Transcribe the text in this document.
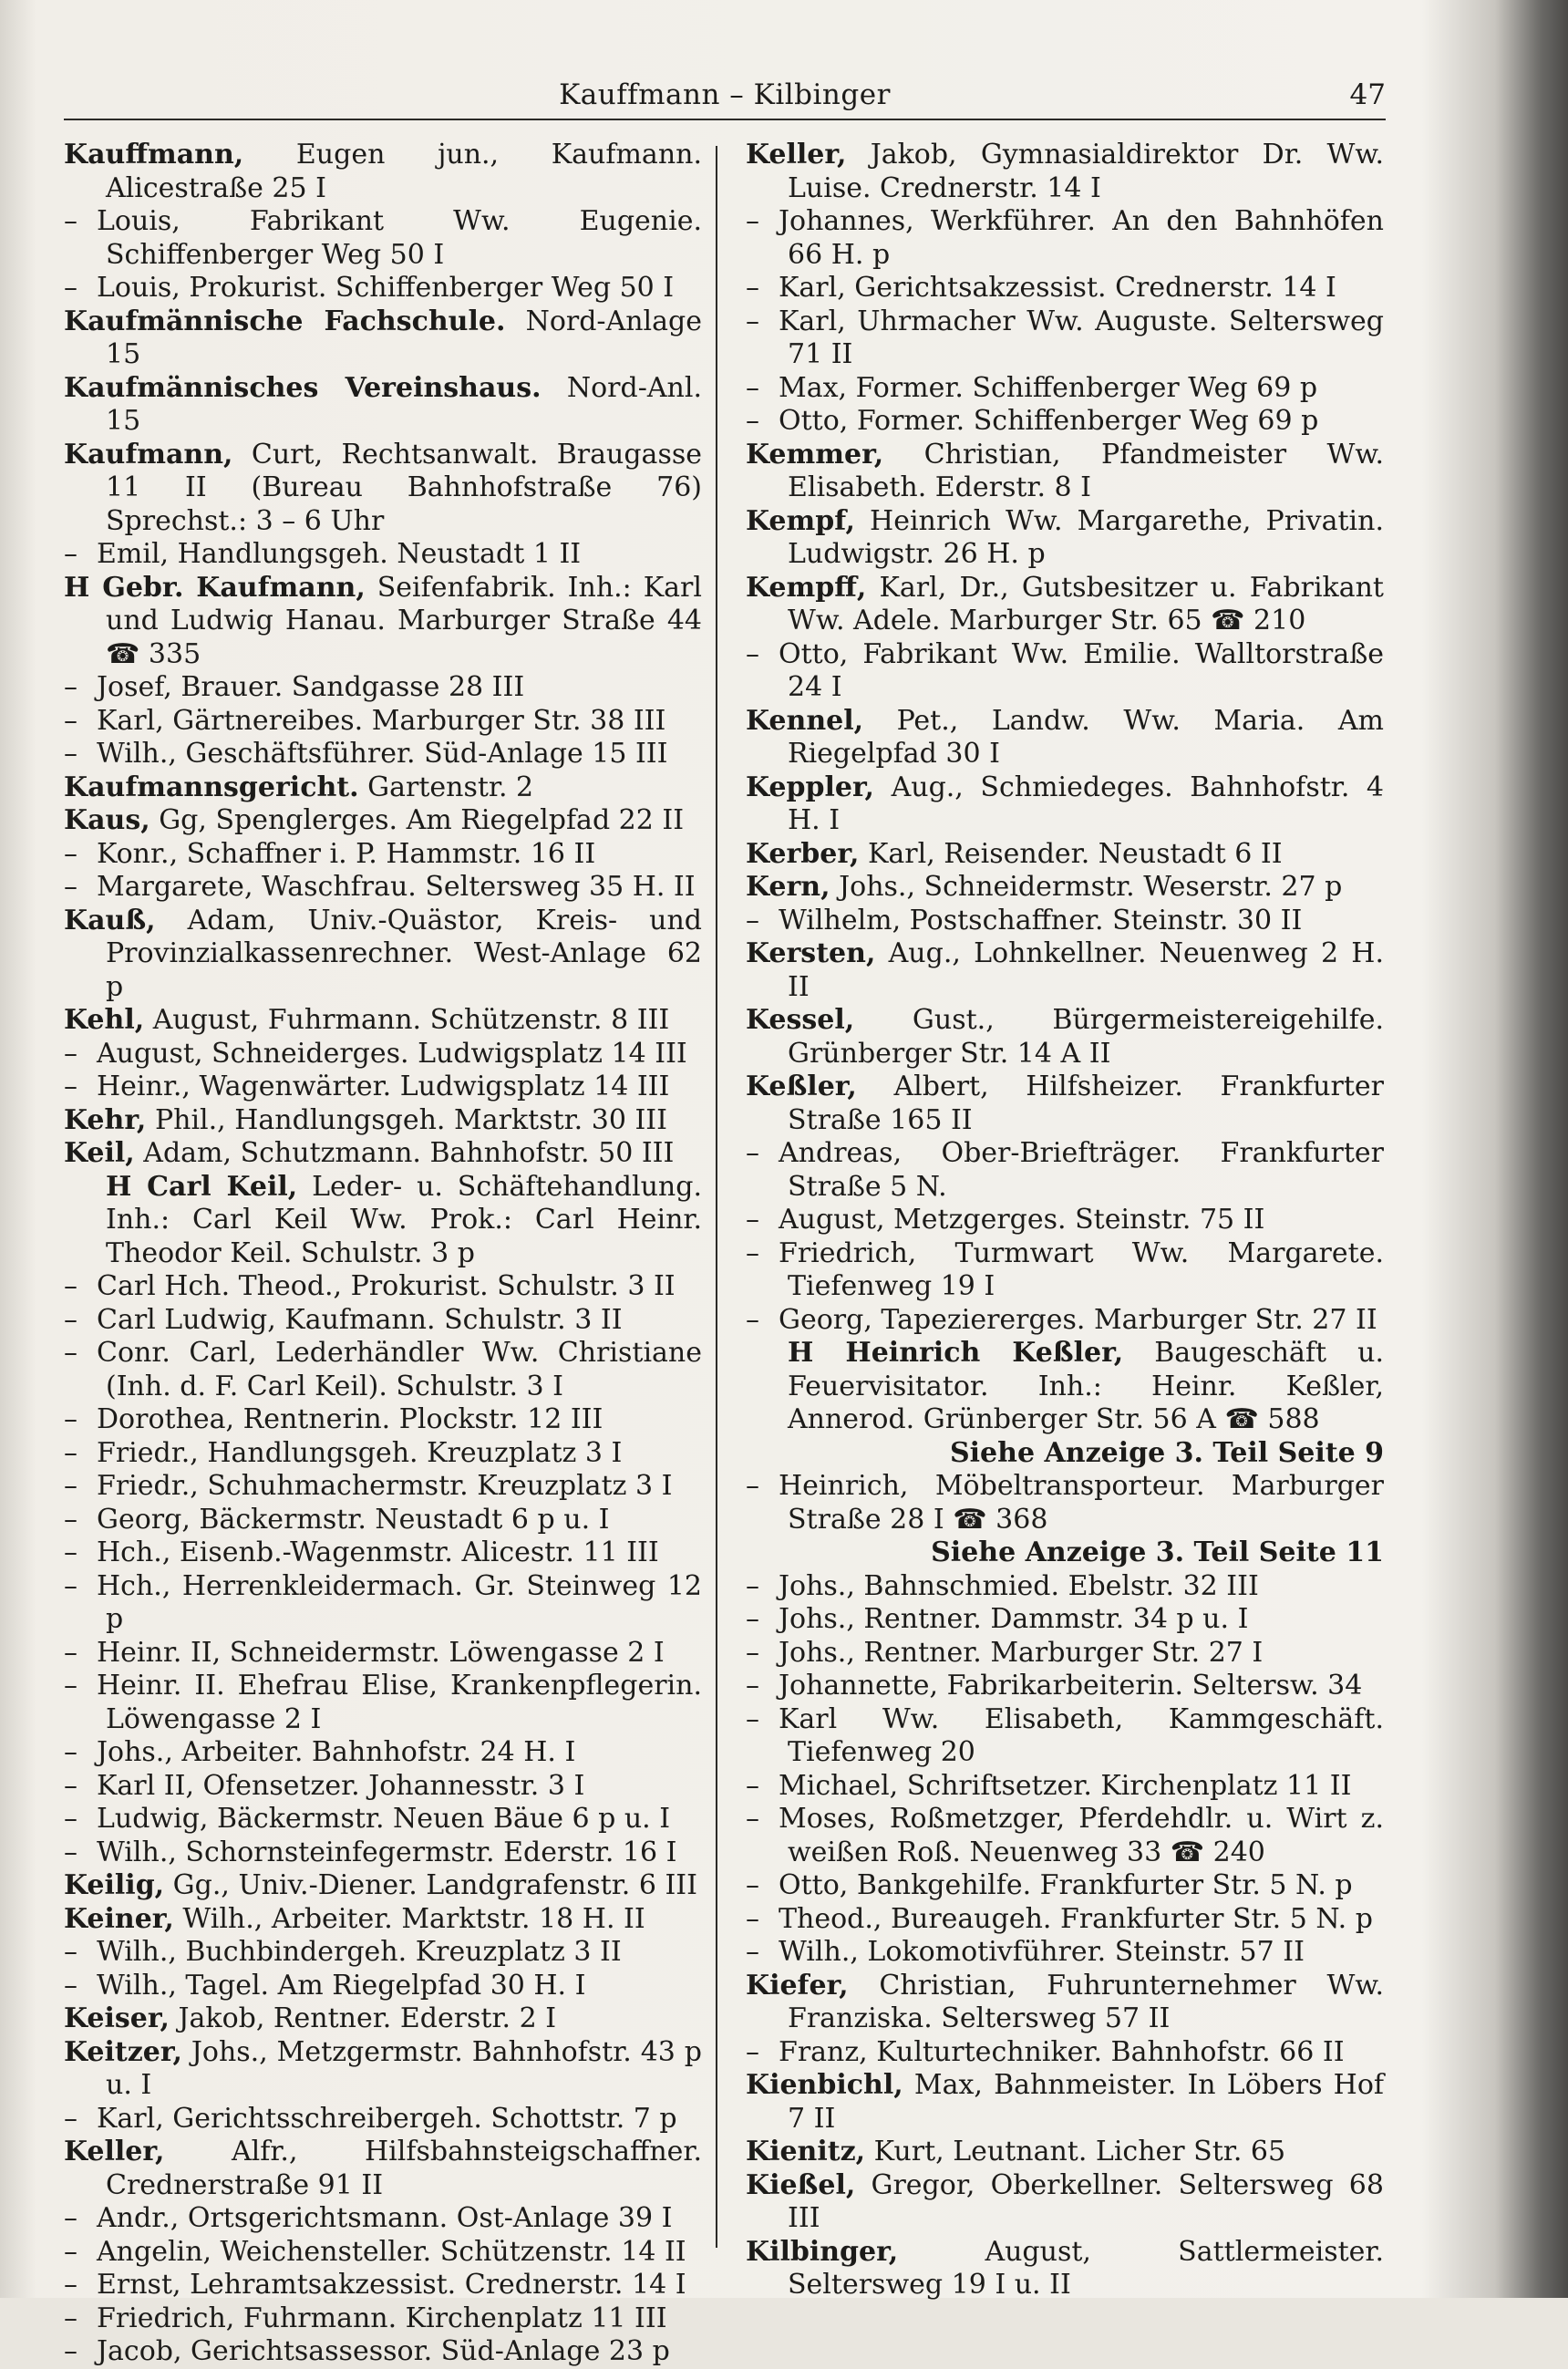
Kauffmann – Kilbinger	47

Kauffmann, Eugen jun., Kaufmann. Alicestraße 25 I

– Louis, Fabrikant Ww. Eugenie. Schiffenberger Weg 50 I

– Louis, Prokurist. Schiffenberger Weg 50 I

Kaufmännische Fachschule. Nord-Anlage 15

Kaufmännisches Vereinshaus. Nord-Anl. 15

Kaufmann, Curt, Rechtsanwalt. Braugasse 11 II (Bureau Bahnhofstraße 76) Sprechst.: 3 – 6 Uhr

– Emil, Handlungsgeh. Neustadt 1 II

H Gebr. Kaufmann, Seifenfabrik. Inh.: Karl und Ludwig Hanau. Marburger Straße 44 ☎ 335

– Josef, Brauer. Sandgasse 28 III

– Karl, Gärtnereibes. Marburger Str. 38 III

– Wilh., Geschäftsführer. Süd-Anlage 15 III

Kaufmannsgericht. Gartenstr. 2

Kaus, Gg, Spenglerges. Am Riegelpfad 22 II

– Konr., Schaffner i. P. Hammstr. 16 II

– Margarete, Waschfrau. Seltersweg 35 H. II

Kauß, Adam, Univ.-Quästor, Kreis- und Provinzialkassenrechner. West-Anlage 62 p

Kehl, August, Fuhrmann. Schützenstr. 8 III

– August, Schneiderges. Ludwigsplatz 14 III

– Heinr., Wagenwärter. Ludwigsplatz 14 III

Kehr, Phil., Handlungsgeh. Marktstr. 30 III

Keil, Adam, Schutzmann. Bahnhofstr. 50 III

H Carl Keil, Leder- u. Schäftehandlung. Inh.: Carl Keil Ww. Prok.: Carl Heinr. Theodor Keil. Schulstr. 3 p

– Carl Hch. Theod., Prokurist. Schulstr. 3 II

– Carl Ludwig, Kaufmann. Schulstr. 3 II

– Conr. Carl, Lederhändler Ww. Christiane (Inh. d. F. Carl Keil). Schulstr. 3 I

– Dorothea, Rentnerin. Plockstr. 12 III

– Friedr., Handlungsgeh. Kreuzplatz 3 I

– Friedr., Schuhmachermstr. Kreuzplatz 3 I

– Georg, Bäckermstr. Neustadt 6 p u. I

– Hch., Eisenb.-Wagenmstr. Alicestr. 11 III

– Hch., Herrenkleidermach. Gr. Steinweg 12 p

– Heinr. II, Schneidermstr. Löwengasse 2 I

– Heinr. II. Ehefrau Elise, Krankenpflegerin. Löwengasse 2 I

– Johs., Arbeiter. Bahnhofstr. 24 H. I

– Karl II, Ofensetzer. Johannesstr. 3 I

– Ludwig, Bäckermstr. Neuen Bäue 6 p u. I

– Wilh., Schornsteinfegermstr. Ederstr. 16 I

Keilig, Gg., Univ.-Diener. Landgrafenstr. 6 III

Keiner, Wilh., Arbeiter. Marktstr. 18 H. II

– Wilh., Buchbindergeh. Kreuzplatz 3 II

– Wilh., Tagel. Am Riegelpfad 30 H. I

Keiser, Jakob, Rentner. Ederstr. 2 I

Keitzer, Johs., Metzgermstr. Bahnhofstr. 43 p u. I

– Karl, Gerichtsschreibergeh. Schottstr. 7 p

Keller, Alfr., Hilfsbahnsteigschaffner. Crednerstraße 91 II

– Andr., Ortsgerichtsmann. Ost-Anlage 39 I

– Angelin, Weichensteller. Schützenstr. 14 II

– Ernst, Lehramtsakzessist. Crednerstr. 14 I

– Friedrich, Fuhrmann. Kirchenplatz 11 III

– Jacob, Gerichtsassessor. Süd-Anlage 23 p

Keller, Jakob, Gymnasialdirektor Dr. Ww. Luise. Crednerstr. 14 I

– Johannes, Werkführer. An den Bahnhöfen 66 H. p

– Karl, Gerichtsakzessist. Crednerstr. 14 I

– Karl, Uhrmacher Ww. Auguste. Seltersweg 71 II

– Max, Former. Schiffenberger Weg 69 p

– Otto, Former. Schiffenberger Weg 69 p

Kemmer, Christian, Pfandmeister Ww. Elisabeth. Ederstr. 8 I

Kempf, Heinrich Ww. Margarethe, Privatin. Ludwigstr. 26 H. p

Kempff, Karl, Dr., Gutsbesitzer u. Fabrikant Ww. Adele. Marburger Str. 65 ☎ 210

– Otto, Fabrikant Ww. Emilie. Walltorstraße 24 I

Kennel, Pet., Landw. Ww. Maria. Am Riegelpfad 30 I

Keppler, Aug., Schmiedeges. Bahnhofstr. 4 H. I

Kerber, Karl, Reisender. Neustadt 6 II

Kern, Johs., Schneidermstr. Weserstr. 27 p

– Wilhelm, Postschaffner. Steinstr. 30 II

Kersten, Aug., Lohnkellner. Neuenweg 2 H. II

Kessel, Gust., Bürgermeistereigehilfe. Grünberger Str. 14 A II

Keßler, Albert, Hilfsheizer. Frankfurter Straße 165 II

– Andreas, Ober-Briefträger. Frankfurter Straße 5 N.

– August, Metzgerges. Steinstr. 75 II

– Friedrich, Turmwart Ww. Margarete. Tiefenweg 19 I

– Georg, Tapeziererges. Marburger Str. 27 II

H Heinrich Keßler, Baugeschäft u. Feuervisitator. Inh.: Heinr. Keßler, Annerod. Grünberger Str. 56 A ☎ 588

Siehe Anzeige 3. Teil Seite 9

– Heinrich, Möbeltransporteur. Marburger Straße 28 I ☎ 368

Siehe Anzeige 3. Teil Seite 11

– Johs., Bahnschmied. Ebelstr. 32 III

– Johs., Rentner. Dammstr. 34 p u. I

– Johs., Rentner. Marburger Str. 27 I

– Johannette, Fabrikarbeiterin. Seltersw. 34

– Karl Ww. Elisabeth, Kammgeschäft. Tiefenweg 20

– Michael, Schriftsetzer. Kirchenplatz 11 II

– Moses, Roßmetzger, Pferdehdlr. u. Wirt z. weißen Roß. Neuenweg 33 ☎ 240

– Otto, Bankgehilfe. Frankfurter Str. 5 N. p

– Theod., Bureaugeh. Frankfurter Str. 5 N. p

– Wilh., Lokomotivführer. Steinstr. 57 II

Kiefer, Christian, Fuhrunternehmer Ww. Franziska. Seltersweg 57 II

– Franz, Kulturtechniker. Bahnhofstr. 66 II

Kienbichl, Max, Bahnmeister. In Löbers Hof 7 II

Kienitz, Kurt, Leutnant. Licher Str. 65

Kießel, Gregor, Oberkellner. Seltersweg 68 III

Kilbinger,	August, Sattlermeister. Seltersweg 19 I u. II
